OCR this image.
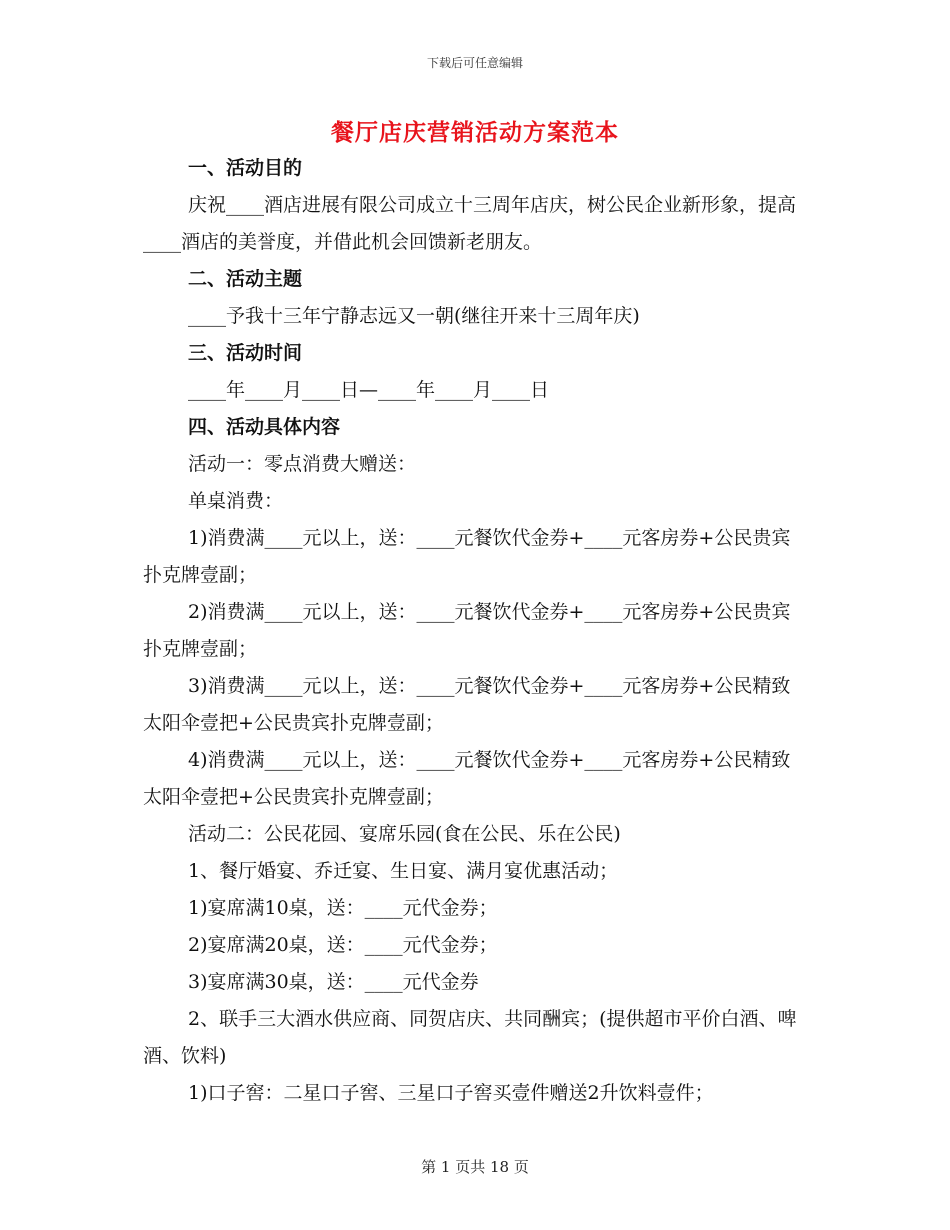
下载后可任意编辑
餐厅店庆营销活动方案范本

一、活动目的

庆祝____酒店进展有限公司成立十三周年店庆，树公民企业新形象，提高____酒店的美誉度，并借此机会回馈新老朋友。

二、活动主题

____予我十三年宁静志远又一朝(继往开来十三周年庆)

三、活动时间

____年____月____日—____年____月____日

四、活动具体内容

活动一：零点消费大赠送：

单桌消费：

1)消费满____元以上，送：____元餐饮代金券+____元客房券+公民贵宾扑克牌壹副；

2)消费满____元以上，送：____元餐饮代金券+____元客房券+公民贵宾扑克牌壹副；

3)消费满____元以上，送：____元餐饮代金券+____元客房券+公民精致太阳伞壹把+公民贵宾扑克牌壹副；

4)消费满____元以上，送：____元餐饮代金券+____元客房券+公民精致太阳伞壹把+公民贵宾扑克牌壹副；

活动二：公民花园、宴席乐园(食在公民、乐在公民)

1、餐厅婚宴、乔迁宴、生日宴、满月宴优惠活动；

1)宴席满10桌，送：____元代金券；

2)宴席满20桌，送：____元代金券；

3)宴席满30桌，送：____元代金券

2、联手三大酒水供应商、同贺店庆、共同酬宾；(提供超市平价白酒、啤酒、饮料)

1)口子窖：二星口子窖、三星口子窖买壹件赠送2升饮料壹件；

第 1 页共 18 页
